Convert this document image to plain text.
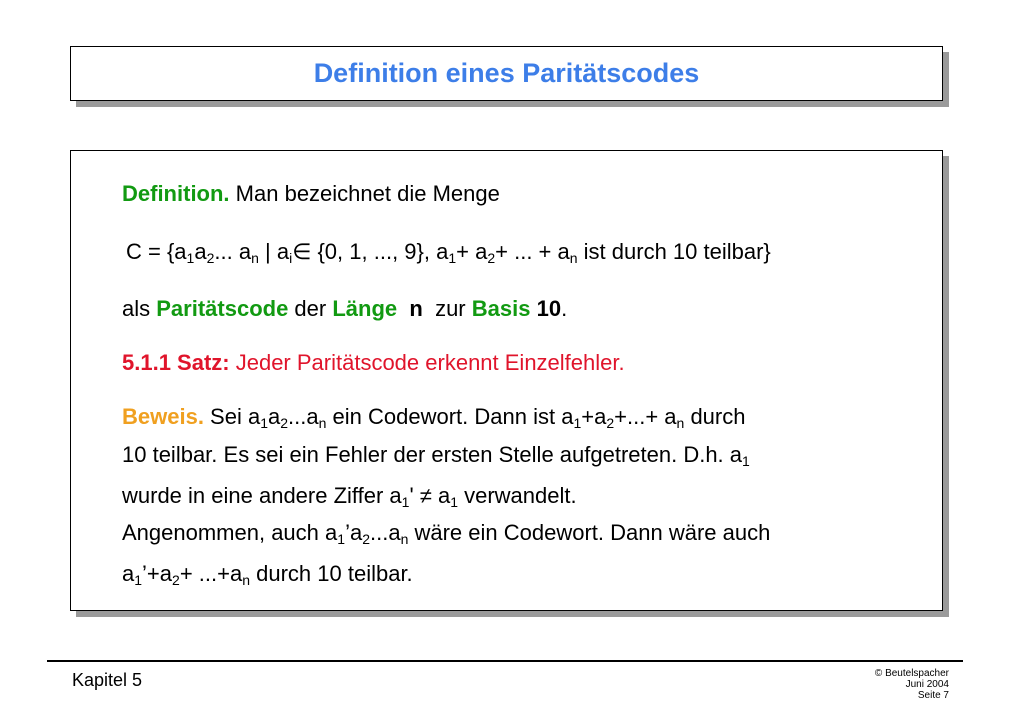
Definition eines Paritätscodes
Definition. Man bezeichnet die Menge
$C = \{a_1a_2$... $a_n$ | $a_i\in$ {0, 1, ..., 9}, $a_1+ a_2+$ ... + $a_n$ ist durch 10 teilbar}
als Paritätscode der Länge n  zur Basis 10.
5.1.1 Satz: Jeder Paritätscode erkennt Einzelfehler.
Beweis. Sei $a_1a_2...a_n$ ein Codewort. Dann ist $a_1+a_2+...+ a_n$ durch
10 teilbar. Es sei ein Fehler der ersten Stelle aufgetreten. D.h. $a_1$
wurde in eine andere Ziffer $a_1' \ne a_1$ verwandelt.
Angenommen, auch $a_1’a_2...a_n$ wäre ein Codewort. Dann wäre auch
$a_1’+a_2+ ...+a_n$ durch 10 teilbar.
Kapitel 5	© Beutelspacher
Juni 2004
Seite 7
